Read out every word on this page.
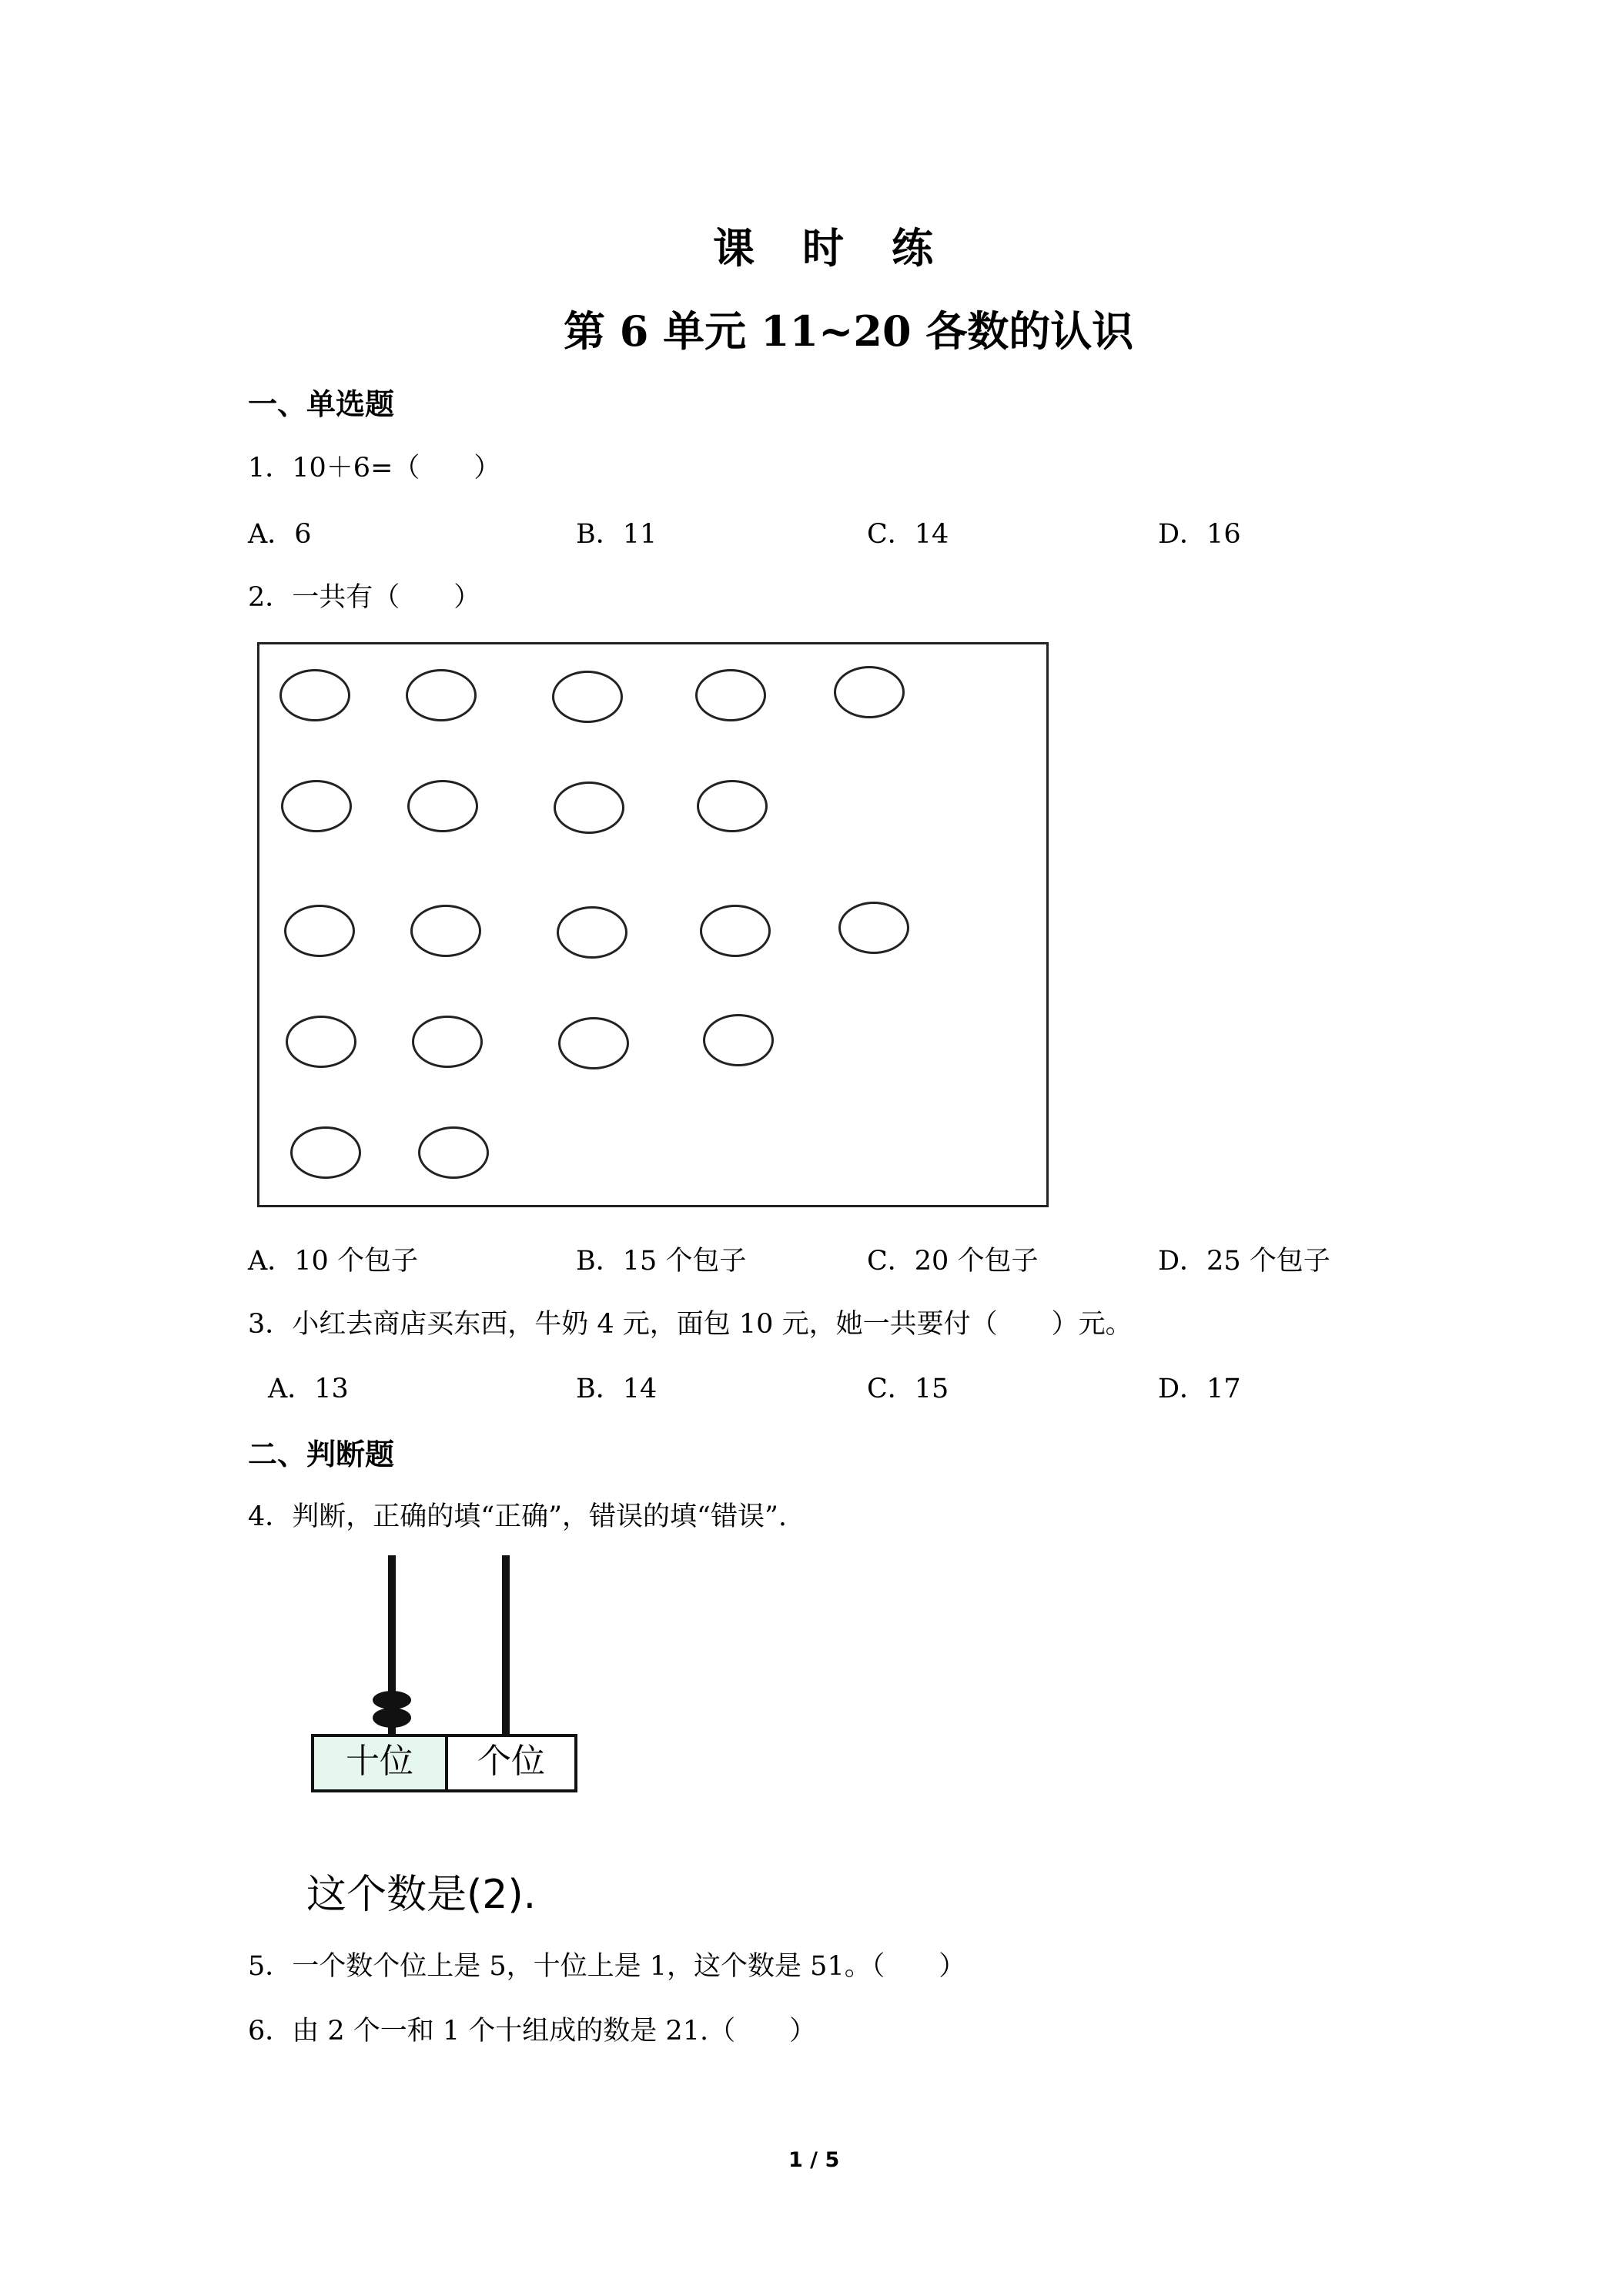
课时练
第 6 单元 11~20 各数的认识
一、单选题
1．10＋6=（　　）
A．6	B．11	C．14	D．16
2．一共有（　　）
A．10 个包子	B．15 个包子	C．20 个包子	D．25 个包子
3．小红去商店买东西，牛奶 4 元，面包 10 元，她一共要付（　　）元。
A．13	B．14	C．15	D．17
二、判断题
4．判断，正确的填“正确”，错误的填“错误”.
十位	个位
这个数是(2).
5．一个数个位上是 5，十位上是 1，这个数是 51。（　　）
6．由 2 个一和 1 个十组成的数是 21.（　　）
1 / 5
